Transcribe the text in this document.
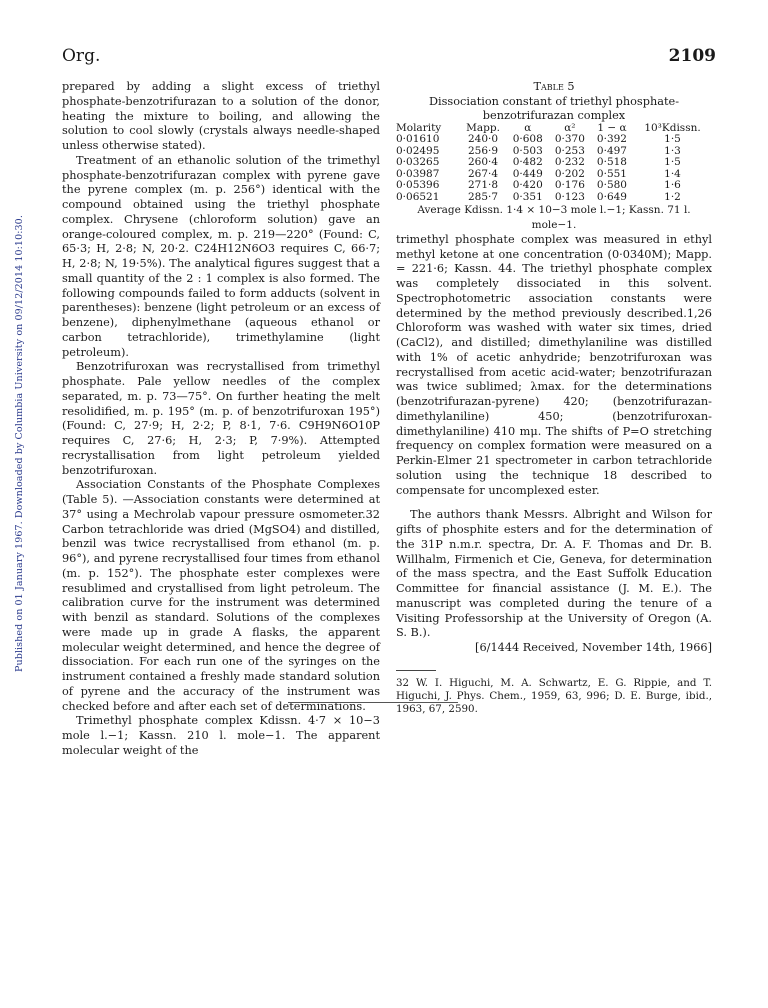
Org.	2109
Published on 01 January 1967. Downloaded by Columbia University on 09/12/2014 10:10:30.

prepared by adding a slight excess of triethyl phosphate-benzotrifurazan to a solution of the donor, heating the mixture to boiling, and allowing the solution to cool slowly (crystals always needle-shaped unless otherwise stated).

Treatment of an ethanolic solution of the trimethyl phosphate-benzotrifurazan complex with pyrene gave the pyrene complex (m. p. 256°) identical with the compound obtained using the triethyl phosphate complex. Chrysene (chloroform solution) gave an orange-coloured complex, m. p. 219—220° (Found: C, 65·3; H, 2·8; N, 20·2. C24H12N6O3 requires C, 66·7; H, 2·8; N, 19·5%). The analytical figures suggest that a small quantity of the 2 : 1 complex is also formed. The following compounds failed to form adducts (solvent in parentheses): benzene (light petroleum or an excess of benzene), diphenylmethane (aqueous ethanol or carbon tetrachloride), trimethylamine (light petroleum).

Benzotrifuroxan was recrystallised from trimethyl phosphate. Pale yellow needles of the complex separated, m. p. 73—75°. On further heating the melt resolidified, m. p. 195° (m. p. of benzotrifuroxan 195°) (Found: C, 27·9; H, 2·2; P, 8·1, 7·6. C9H9N6O10P requires C, 27·6; H, 2·3; P, 7·9%). Attempted recrystallisation from light petroleum yielded benzotrifuroxan.

Association Constants of the Phosphate Complexes (Table 5). —Association constants were determined at 37° using a Mechrolab vapour pressure osmometer.32 Carbon tetrachloride was dried (MgSO4) and distilled, benzil was twice recrystallised from ethanol (m. p. 96°), and pyrene recrystallised four times from ethanol (m. p. 152°). The phosphate ester complexes were resublimed and crystallised from light petroleum. The calibration curve for the instrument was determined with benzil as standard. Solutions of the complexes were made up in grade A flasks, the apparent molecular weight determined, and hence the degree of dissociation. For each run one of the syringes on the instrument contained a freshly made standard solution of pyrene and the accuracy of the instrument was checked before and after each set of determinations.

Trimethyl phosphate complex Kdissn. 4·7 × 10−3 mole l.−1; Kassn. 210 l. mole−1. The apparent molecular weight of the

Table 5

Dissociation constant of triethyl phosphate-benzotrifurazan complex

Molarity	Mapp.	α	α²	1 − α	10³Kdissn.
0·01610	240·0	0·608	0·370	0·392	1·5
0·02495	256·9	0·503	0·253	0·497	1·3
0·03265	260·4	0·482	0·232	0·518	1·5
0·03987	267·4	0·449	0·202	0·551	1·4
0·05396	271·8	0·420	0·176	0·580	1·6
0·06521	285·7	0·351	0·123	0·649	1·2

Average Kdissn. 1·4 × 10−3 mole l.−1; Kassn. 71 l. mole−1.

trimethyl phosphate complex was measured in ethyl methyl ketone at one concentration (0·0340M); Mapp. = 221·6; Kassn. 44. The triethyl phosphate complex was completely dissociated in this solvent. Spectrophotometric association constants were determined by the method previously described.1,26 Chloroform was washed with water six times, dried (CaCl2), and distilled; dimethylaniline was distilled with 1% of acetic anhydride; benzotrifuroxan was recrystallised from acetic acid-water; benzotrifurazan was twice sublimed; λmax. for the determinations (benzotrifurazan-pyrene) 420; (benzotrifurazan-dimethylaniline) 450; (benzotrifuroxan-dimethylaniline) 410 mμ. The shifts of P=O stretching frequency on complex formation were measured on a Perkin-Elmer 21 spectrometer in carbon tetrachloride solution using the technique 18 described to compensate for uncomplexed ester.

The authors thank Messrs. Albright and Wilson for gifts of phosphite esters and for the determination of the 31P n.m.r. spectra, Dr. A. F. Thomas and Dr. B. Willhalm, Firmenich et Cie, Geneva, for determination of the mass spectra, and the East Suffolk Education Committee for financial assistance (J. M. E.). The manuscript was completed during the tenure of a Visiting Professorship at the University of Oregon (A. S. B.).

[6/1444 Received, November 14th, 1966]

32 W. I. Higuchi, M. A. Schwartz, E. G. Rippie, and T. Higuchi, J. Phys. Chem., 1959, 63, 996; D. E. Burge, ibid., 1963, 67, 2590.
